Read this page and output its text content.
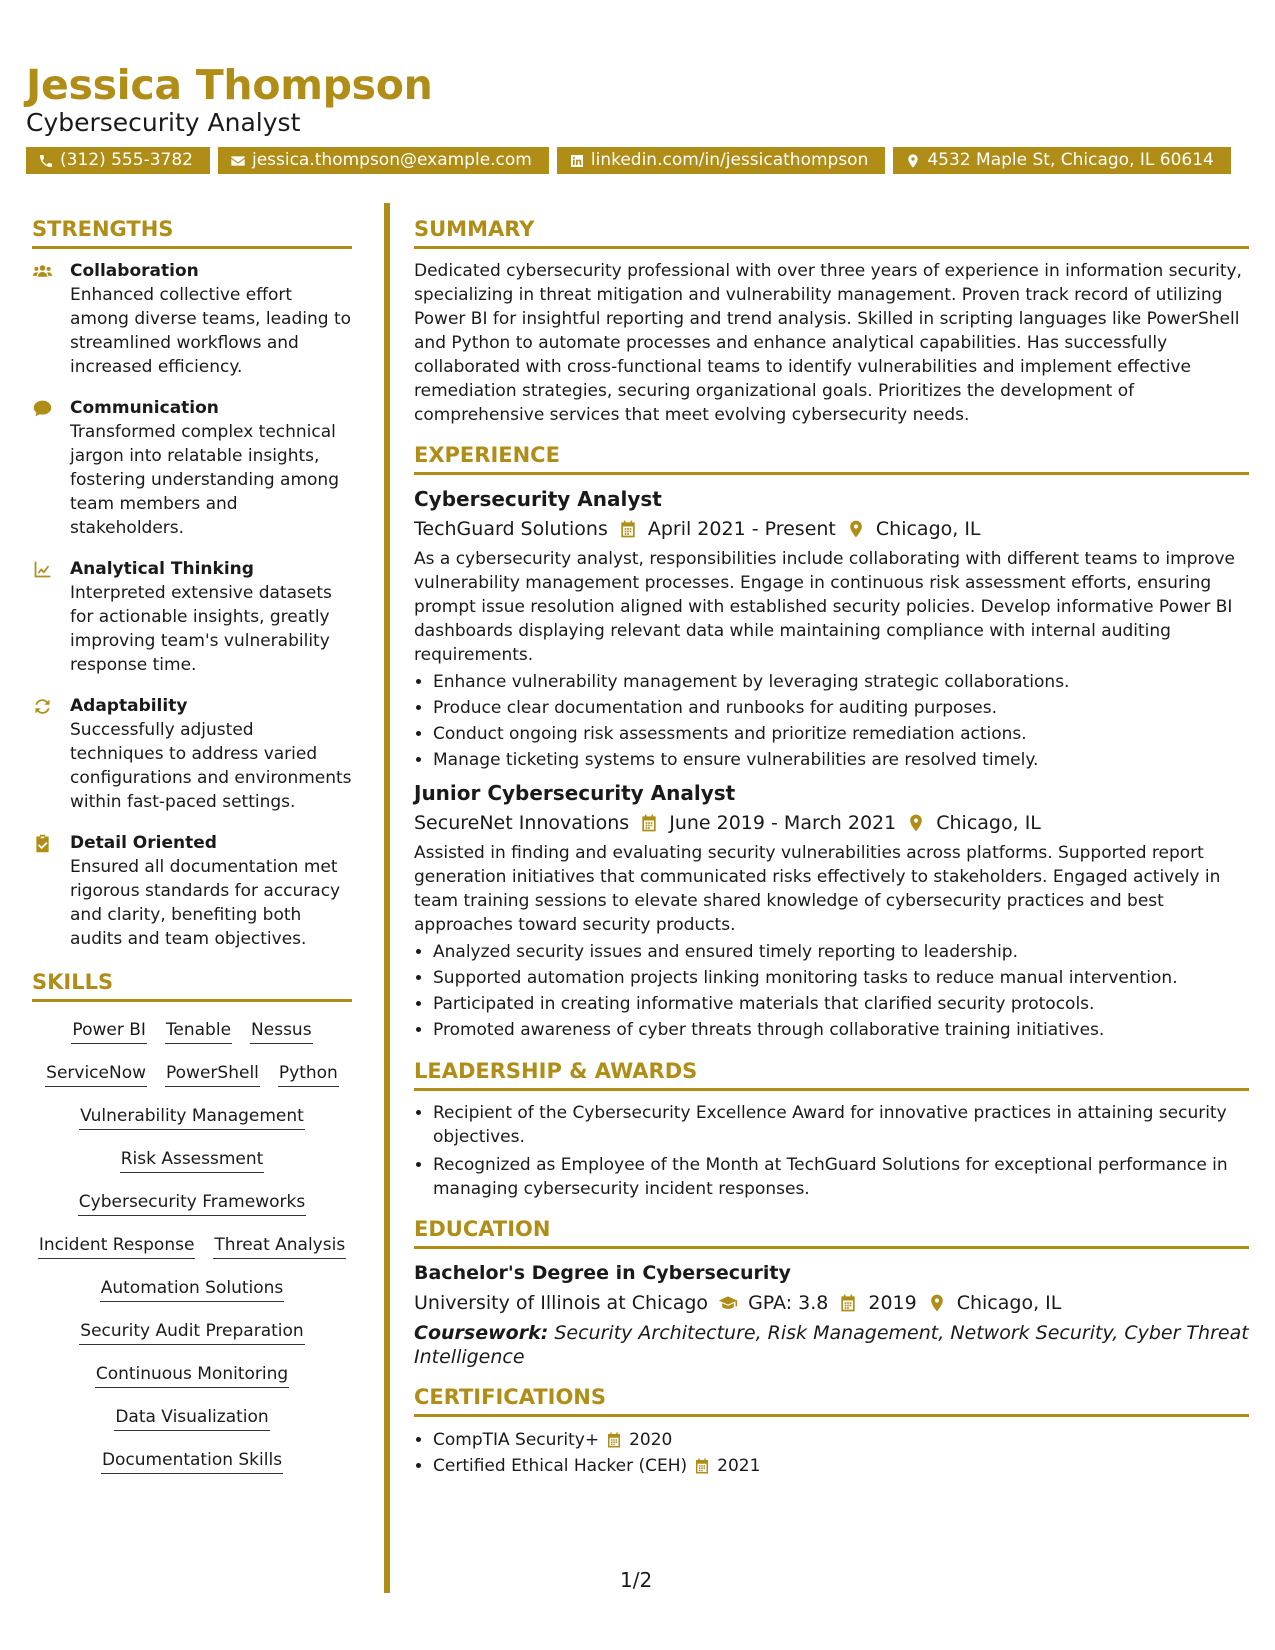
Jessica Thompson
Cybersecurity Analyst
(312) 555-3782	jessica.thompson@example.com	linkedin.com/in/jessicathompson	4532 Maple St, Chicago, IL 60614
STRENGTHS
Collaboration
Enhanced collective effort among diverse teams, leading to streamlined workflows and increased efficiency.
Communication
Transformed complex technical jargon into relatable insights, fostering understanding among team members and stakeholders.
Analytical Thinking
Interpreted extensive datasets for actionable insights, greatly improving team's vulnerability response time.
Adaptability
Successfully adjusted techniques to address varied configurations and environments within fast-paced settings.
Detail Oriented
Ensured all documentation met rigorous standards for accuracy and clarity, benefiting both audits and team objectives.
SKILLS
Power BI Tenable Nessus
ServiceNow PowerShell Python
Vulnerability Management
Risk Assessment
Cybersecurity Frameworks
Incident Response Threat Analysis
Automation Solutions
Security Audit Preparation
Continuous Monitoring
Data Visualization
Documentation Skills
SUMMARY

Dedicated cybersecurity professional with over three years of experience in information security, specializing in threat mitigation and vulnerability management. Proven track record of utilizing Power BI for insightful reporting and trend analysis. Skilled in scripting languages like PowerShell and Python to automate processes and enhance analytical capabilities. Has successfully collaborated with cross-functional teams to identify vulnerabilities and implement effective remediation strategies, securing organizational goals. Prioritizes the development of comprehensive services that meet evolving cybersecurity needs.

EXPERIENCE
Cybersecurity Analyst
TechGuard Solutions April 2021 - Present Chicago, IL

As a cybersecurity analyst, responsibilities include collaborating with different teams to improve vulnerability management processes. Engage in continuous risk assessment efforts, ensuring prompt issue resolution aligned with established security policies. Develop informative Power BI dashboards displaying relevant data while maintaining compliance with internal auditing requirements.

• Enhance vulnerability management by leveraging strategic collaborations.
• Produce clear documentation and runbooks for auditing purposes.
• Conduct ongoing risk assessments and prioritize remediation actions.
• Manage ticketing systems to ensure vulnerabilities are resolved timely.
Junior Cybersecurity Analyst
SecureNet Innovations June 2019 - March 2021 Chicago, IL

Assisted in finding and evaluating security vulnerabilities across platforms. Supported report generation initiatives that communicated risks effectively to stakeholders. Engaged actively in team training sessions to elevate shared knowledge of cybersecurity practices and best approaches toward security products.

• Analyzed security issues and ensured timely reporting to leadership.
• Supported automation projects linking monitoring tasks to reduce manual intervention.
• Participated in creating informative materials that clarified security protocols.
• Promoted awareness of cyber threats through collaborative training initiatives.
LEADERSHIP & AWARDS
• Recipient of the Cybersecurity Excellence Award for innovative practices in attaining security objectives.
• Recognized as Employee of the Month at TechGuard Solutions for exceptional performance in managing cybersecurity incident responses.
EDUCATION
Bachelor's Degree in Cybersecurity
University of Illinois at Chicago GPA: 3.8 2019 Chicago, IL
Coursework: Security Architecture, Risk Management, Network Security, Cyber Threat Intelligence
CERTIFICATIONS
• CompTIA Security+ 2020
• Certified Ethical Hacker (CEH) 2021
1/2
